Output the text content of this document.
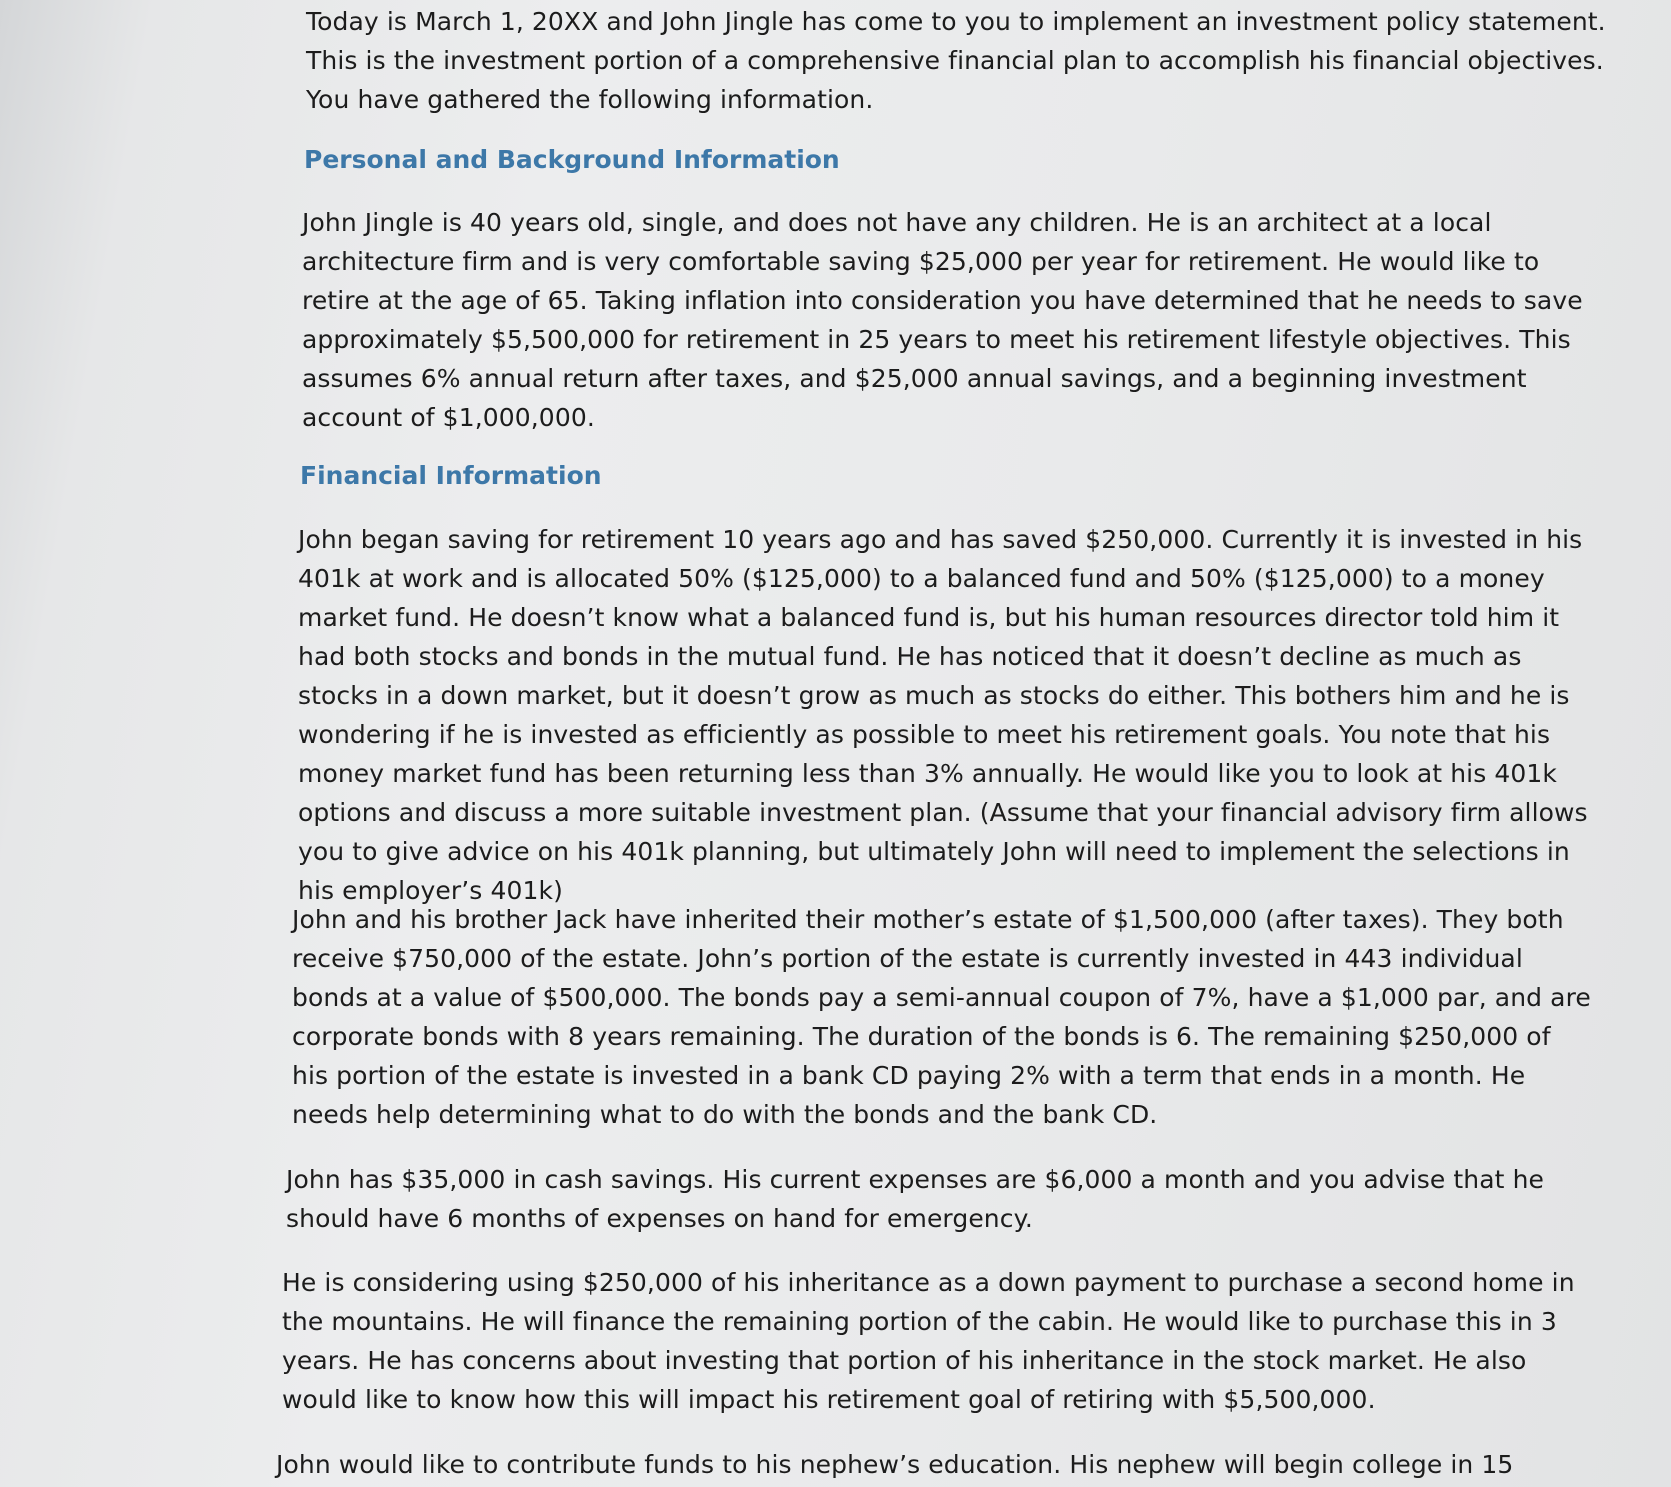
Today is March 1, 20XX and John Jingle has come to you to implement an investment policy statement. This is the investment portion of a comprehensive financial plan to accomplish his financial objectives. You have gathered the following information.

Personal and Background Information

John Jingle is 40 years old, single, and does not have any children. He is an architect at a local architecture firm and is very comfortable saving $25,000 per year for retirement. He would like to retire at the age of 65. Taking inflation into consideration you have determined that he needs to save approximately $5,500,000 for retirement in 25 years to meet his retirement lifestyle objectives. This assumes 6% annual return after taxes, and $25,000 annual savings, and a beginning investment account of $1,000,000.

Financial Information

John began saving for retirement 10 years ago and has saved $250,000. Currently it is invested in his 401k at work and is allocated 50% ($125,000) to a balanced fund and 50% ($125,000) to a money market fund. He doesn’t know what a balanced fund is, but his human resources director told him it had both stocks and bonds in the mutual fund. He has noticed that it doesn’t decline as much as stocks in a down market, but it doesn’t grow as much as stocks do either. This bothers him and he is wondering if he is invested as efficiently as possible to meet his retirement goals. You note that his money market fund has been returning less than 3% annually. He would like you to look at his 401k options and discuss a more suitable investment plan. (Assume that your financial advisory firm allows you to give advice on his 401k planning, but ultimately John will need to implement the selections in his employer’s 401k)

John and his brother Jack have inherited their mother’s estate of $1,500,000 (after taxes). They both receive $750,000 of the estate. John’s portion of the estate is currently invested in 443 individual bonds at a value of $500,000. The bonds pay a semi-annual coupon of 7%, have a $1,000 par, and are corporate bonds with 8 years remaining. The duration of the bonds is 6. The remaining $250,000 of his portion of the estate is invested in a bank CD paying 2% with a term that ends in a month. He needs help determining what to do with the bonds and the bank CD.

John has $35,000 in cash savings. His current expenses are $6,000 a month and you advise that he should have 6 months of expenses on hand for emergency.

He is considering using $250,000 of his inheritance as a down payment to purchase a second home in the mountains. He will finance the remaining portion of the cabin. He would like to purchase this in 3 years. He has concerns about investing that portion of his inheritance in the stock market. He also would like to know how this will impact his retirement goal of retiring with $5,500,000.

John would like to contribute funds to his nephew’s education. His nephew will begin college in 15
